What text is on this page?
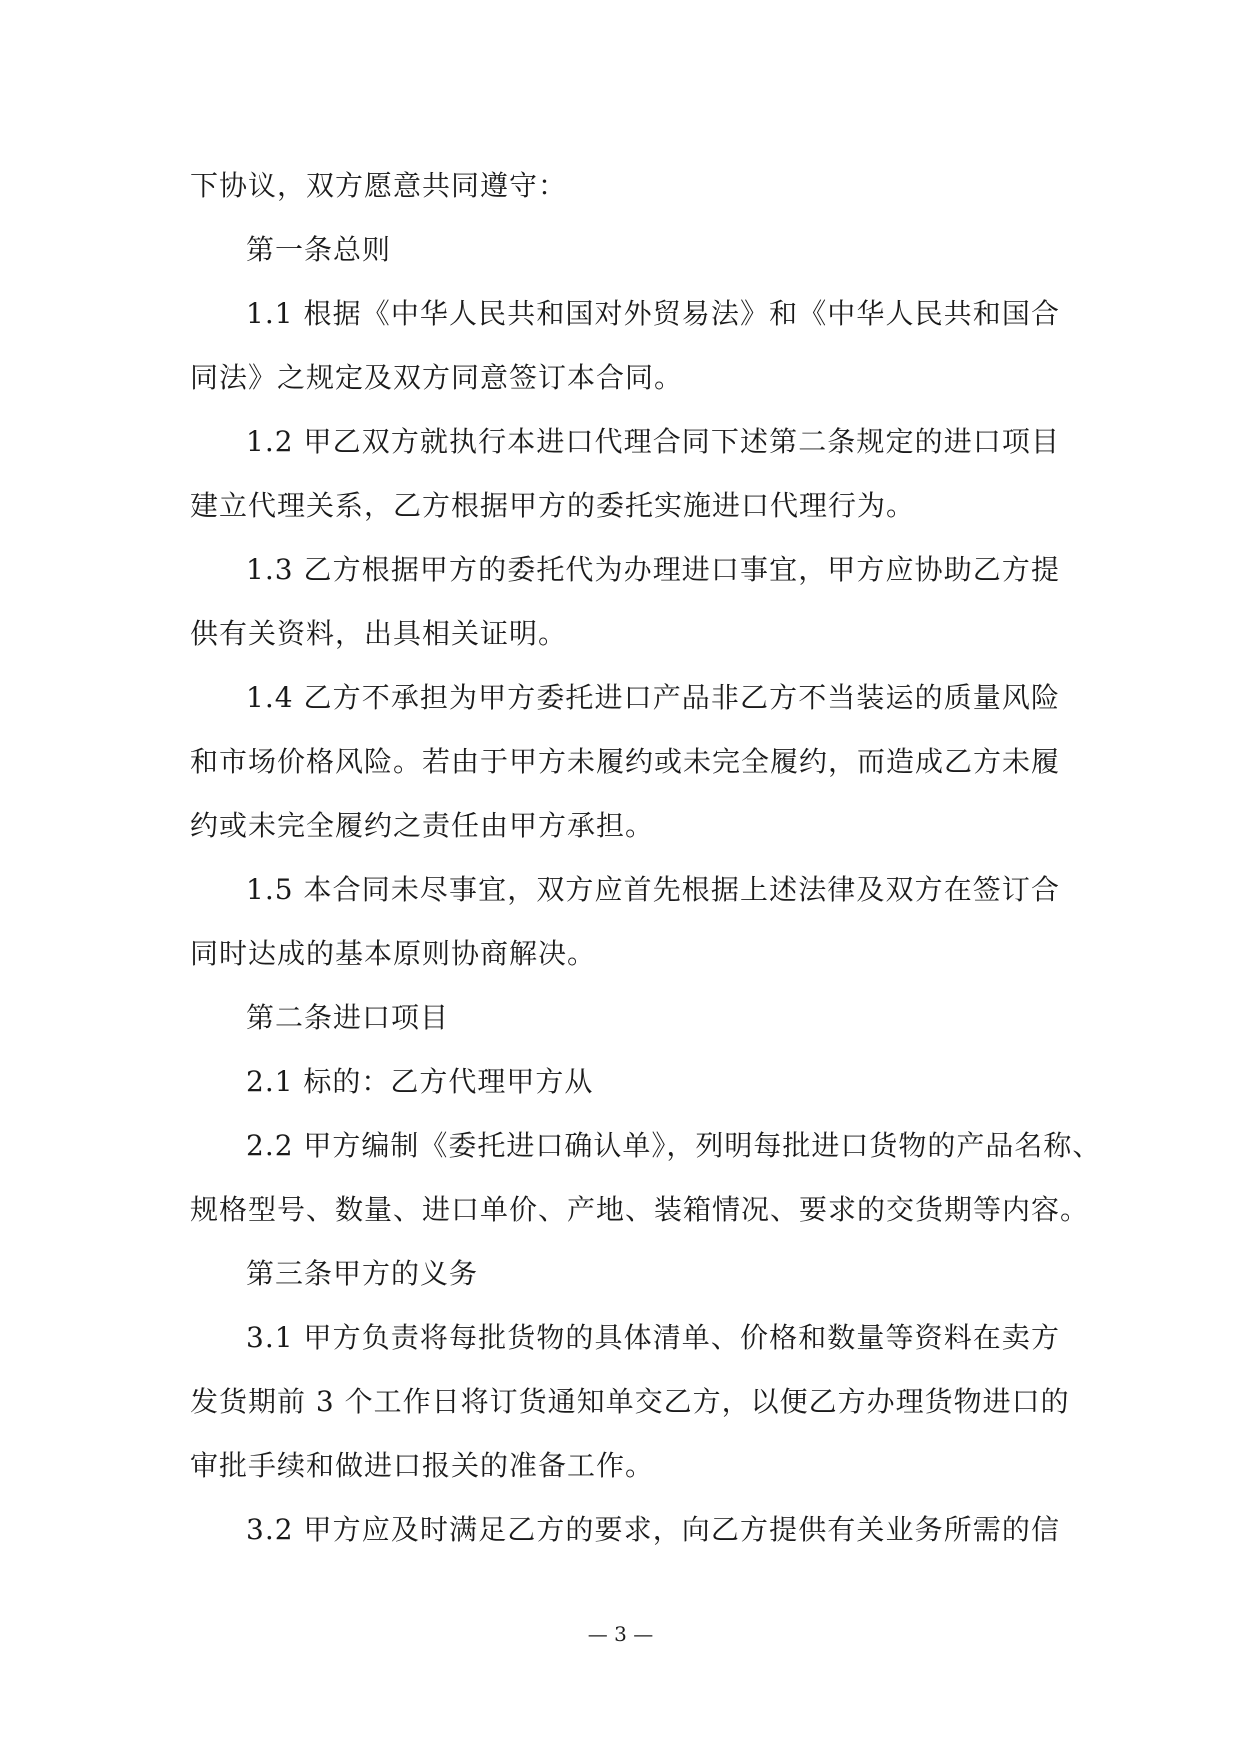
下协议，双方愿意共同遵守：
第一条总则
1.1 根据《中华人民共和国对外贸易法》和《中华人民共和国合
同法》之规定及双方同意签订本合同。
1.2 甲乙双方就执行本进口代理合同下述第二条规定的进口项目
建立代理关系，乙方根据甲方的委托实施进口代理行为。
1.3 乙方根据甲方的委托代为办理进口事宜，甲方应协助乙方提
供有关资料，出具相关证明。
1.4 乙方不承担为甲方委托进口产品非乙方不当装运的质量风险
和市场价格风险。若由于甲方未履约或未完全履约，而造成乙方未履
约或未完全履约之责任由甲方承担。
1.5 本合同未尽事宜，双方应首先根据上述法律及双方在签订合
同时达成的基本原则协商解决。
第二条进口项目
2.1 标的：乙方代理甲方从
2.2 甲方编制《委托进口确认单》，列明每批进口货物的产品名称、
规格型号、数量、进口单价、产地、装箱情况、要求的交货期等内容。
第三条甲方的义务
3.1 甲方负责将每批货物的具体清单、价格和数量等资料在卖方
发货期前 3 个工作日将订货通知单交乙方，以便乙方办理货物进口的
审批手续和做进口报关的准备工作。
3.2 甲方应及时满足乙方的要求，向乙方提供有关业务所需的信
— 3 —
